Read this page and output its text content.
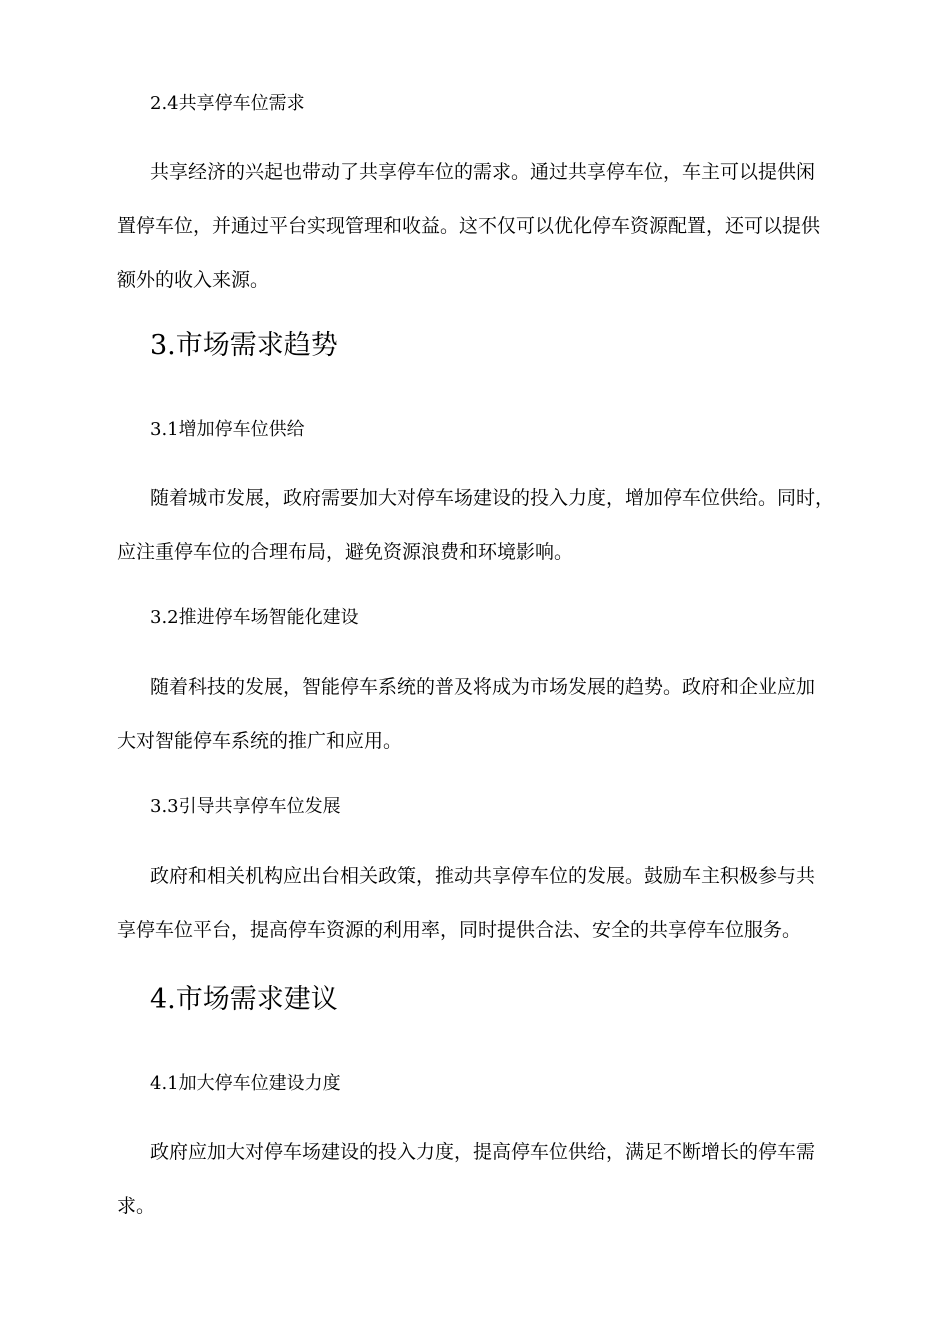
2.4共享停车位需求
共享经济的兴起也带动了共享停车位的需求。通过共享停车位，车主可以提供闲
置停车位，并通过平台实现管理和收益。这不仅可以优化停车资源配置，还可以提供
额外的收入来源。
3.市场需求趋势
3.1增加停车位供给
随着城市发展，政府需要加大对停车场建设的投入力度，增加停车位供给。同时，
应注重停车位的合理布局，避免资源浪费和环境影响。
3.2推进停车场智能化建设
随着科技的发展，智能停车系统的普及将成为市场发展的趋势。政府和企业应加
大对智能停车系统的推广和应用。
3.3引导共享停车位发展
政府和相关机构应出台相关政策，推动共享停车位的发展。鼓励车主积极参与共
享停车位平台，提高停车资源的利用率，同时提供合法、安全的共享停车位服务。
4.市场需求建议
4.1加大停车位建设力度
政府应加大对停车场建设的投入力度，提高停车位供给，满足不断增长的停车需
求。
